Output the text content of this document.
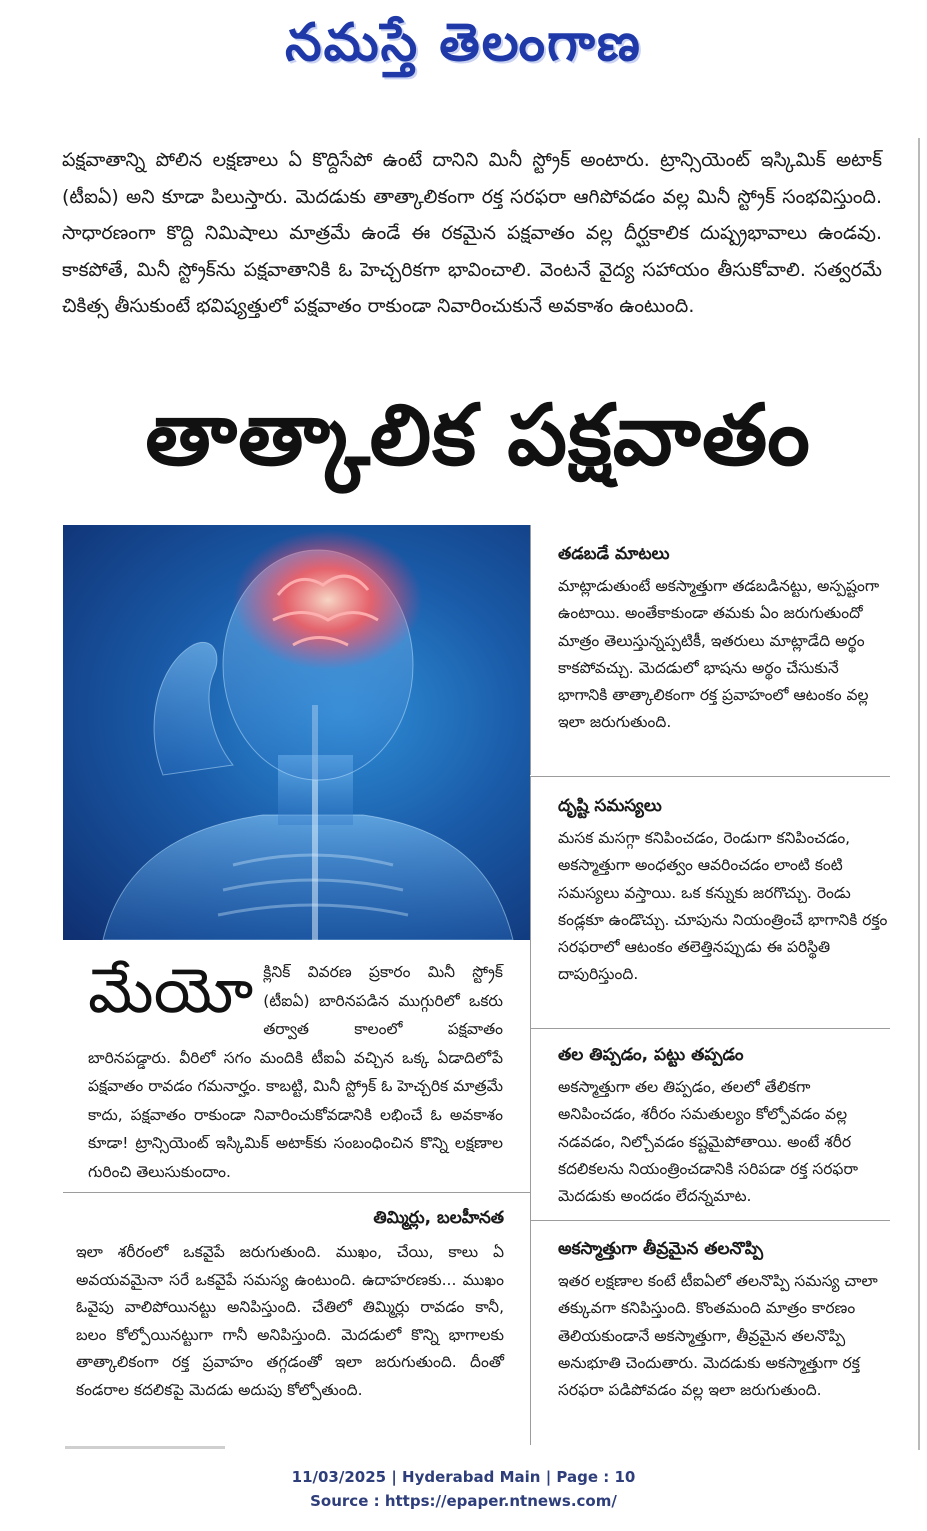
నమస్తే తెలంగాణ

పక్షవాతాన్ని పోలిన లక్షణాలు ఏ కొద్దిసేపో ఉంటే దానిని మినీ స్ట్రోక్ అంటారు. ట్రాన్సియెంట్ ఇస్కిమిక్ అటాక్ (టీఐఏ) అని కూడా పిలుస్తారు. మెదడుకు తాత్కాలికంగా రక్త సరఫరా ఆగిపోవడం వల్ల మినీ స్ట్రోక్ సంభవిస్తుంది. సాధారణంగా కొద్ది నిమిషాలు మాత్రమే ఉండే ఈ రకమైన పక్షవాతం వల్ల దీర్ఘకాలిక దుష్ప్రభావాలు ఉండవు. కాకపోతే, మినీ స్ట్రోక్‌ను పక్షవాతానికి ఓ హెచ్చరికగా భావించాలి. వెంటనే వైద్య సహాయం తీసుకోవాలి. సత్వరమే చికిత్స తీసుకుంటే భవిష్యత్తులో పక్షవాతం రాకుండా నివారించుకునే అవకాశం ఉంటుంది.

తాత్కాలిక పక్షవాతం
తడబడే మాటలు

మాట్లాడుతుంటే అకస్మాత్తుగా తడబడినట్టు, అస్పష్టంగా ఉంటాయి. అంతేకాకుండా తమకు ఏం జరుగుతుందో మాత్రం తెలుస్తున్నప్పటికీ, ఇతరులు మాట్లాడేది అర్థం కాకపోవచ్చు. మెదడులో భాషను అర్థం చేసుకునే భాగానికి తాత్కాలికంగా రక్త ప్రవాహంలో ఆటంకం వల్ల ఇలా జరుగుతుంది.

దృష్టి సమస్యలు

మసక మసగ్గా కనిపించడం, రెండుగా కనిపించడం, అకస్మాత్తుగా అంధత్వం ఆవరించడం లాంటి కంటి సమస్యలు వస్తాయి. ఒక కన్నుకు జరగొచ్చు. రెండు కండ్లకూ ఉండొచ్చు. చూపును నియంత్రించే భాగానికి రక్తం సరఫరాలో ఆటంకం తలెత్తినప్పుడు ఈ పరిస్థితి దాపురిస్తుంది.

తల తిప్పడం, పట్టు తప్పడం

అకస్మాత్తుగా తల తిప్పడం, తలలో తేలికగా అనిపించడం, శరీరం సమతుల్యం కోల్పోవడం వల్ల నడవడం, నిల్చోవడం కష్టమైపోతాయి. అంటే శరీర కదలికలను నియంత్రించడానికి సరిపడా రక్త సరఫరా మెదడుకు అందడం లేదన్నమాట.

అకస్మాత్తుగా తీవ్రమైన తలనొప్పి

ఇతర లక్షణాల కంటే టీఐఏలో తలనొప్పి సమస్య చాలా తక్కువగా కనిపిస్తుంది. కొంతమంది మాత్రం కారణం తెలియకుండానే అకస్మాత్తుగా, తీవ్రమైన తలనొప్పి అనుభూతి చెందుతారు. మెదడుకు అకస్మాత్తుగా రక్త సరఫరా పడిపోవడం వల్ల ఇలా జరుగుతుంది.

మేయో క్లినిక్ వివరణ ప్రకారం మినీ స్ట్రోక్ (టీఐఏ) బారినపడిన ముగ్గురిలో ఒకరు తర్వాత కాలంలో పక్షవాతం బారినపడ్డారు. వీరిలో సగం మందికి టీఐఏ వచ్చిన ఒక్క ఏడాదిలోపే పక్షవాతం రావడం గమనార్హం. కాబట్టి, మినీ స్ట్రోక్ ఓ హెచ్చరిక మాత్రమే కాదు, పక్షవాతం రాకుండా నివారించుకోవడానికి లభించే ఓ అవకాశం కూడా! ట్రాన్సియెంట్ ఇస్కిమిక్ అటాక్‌కు సంబంధించిన కొన్ని లక్షణాల గురించి తెలుసుకుందాం.

తిమ్మిర్లు, బలహీనత

ఇలా శరీరంలో ఒకవైపే జరుగుతుంది. ముఖం, చేయి, కాలు ఏ అవయవమైనా సరే ఒకవైపే సమస్య ఉంటుంది. ఉదాహరణకు... ముఖం ఓవైపు వాలిపోయినట్టు అనిపిస్తుంది. చేతిలో తిమ్మిర్లు రావడం కానీ, బలం కోల్పోయినట్టుగా గానీ అనిపిస్తుంది. మెదడులో కొన్ని భాగాలకు తాత్కాలికంగా రక్త ప్రవాహం తగ్గడంతో ఇలా జరుగుతుంది. దీంతో కండరాల కదలికపై మెదడు అదుపు కోల్పోతుంది.

11/03/2025 | Hyderabad Main | Page : 10
Source : https://epaper.ntnews.com/
